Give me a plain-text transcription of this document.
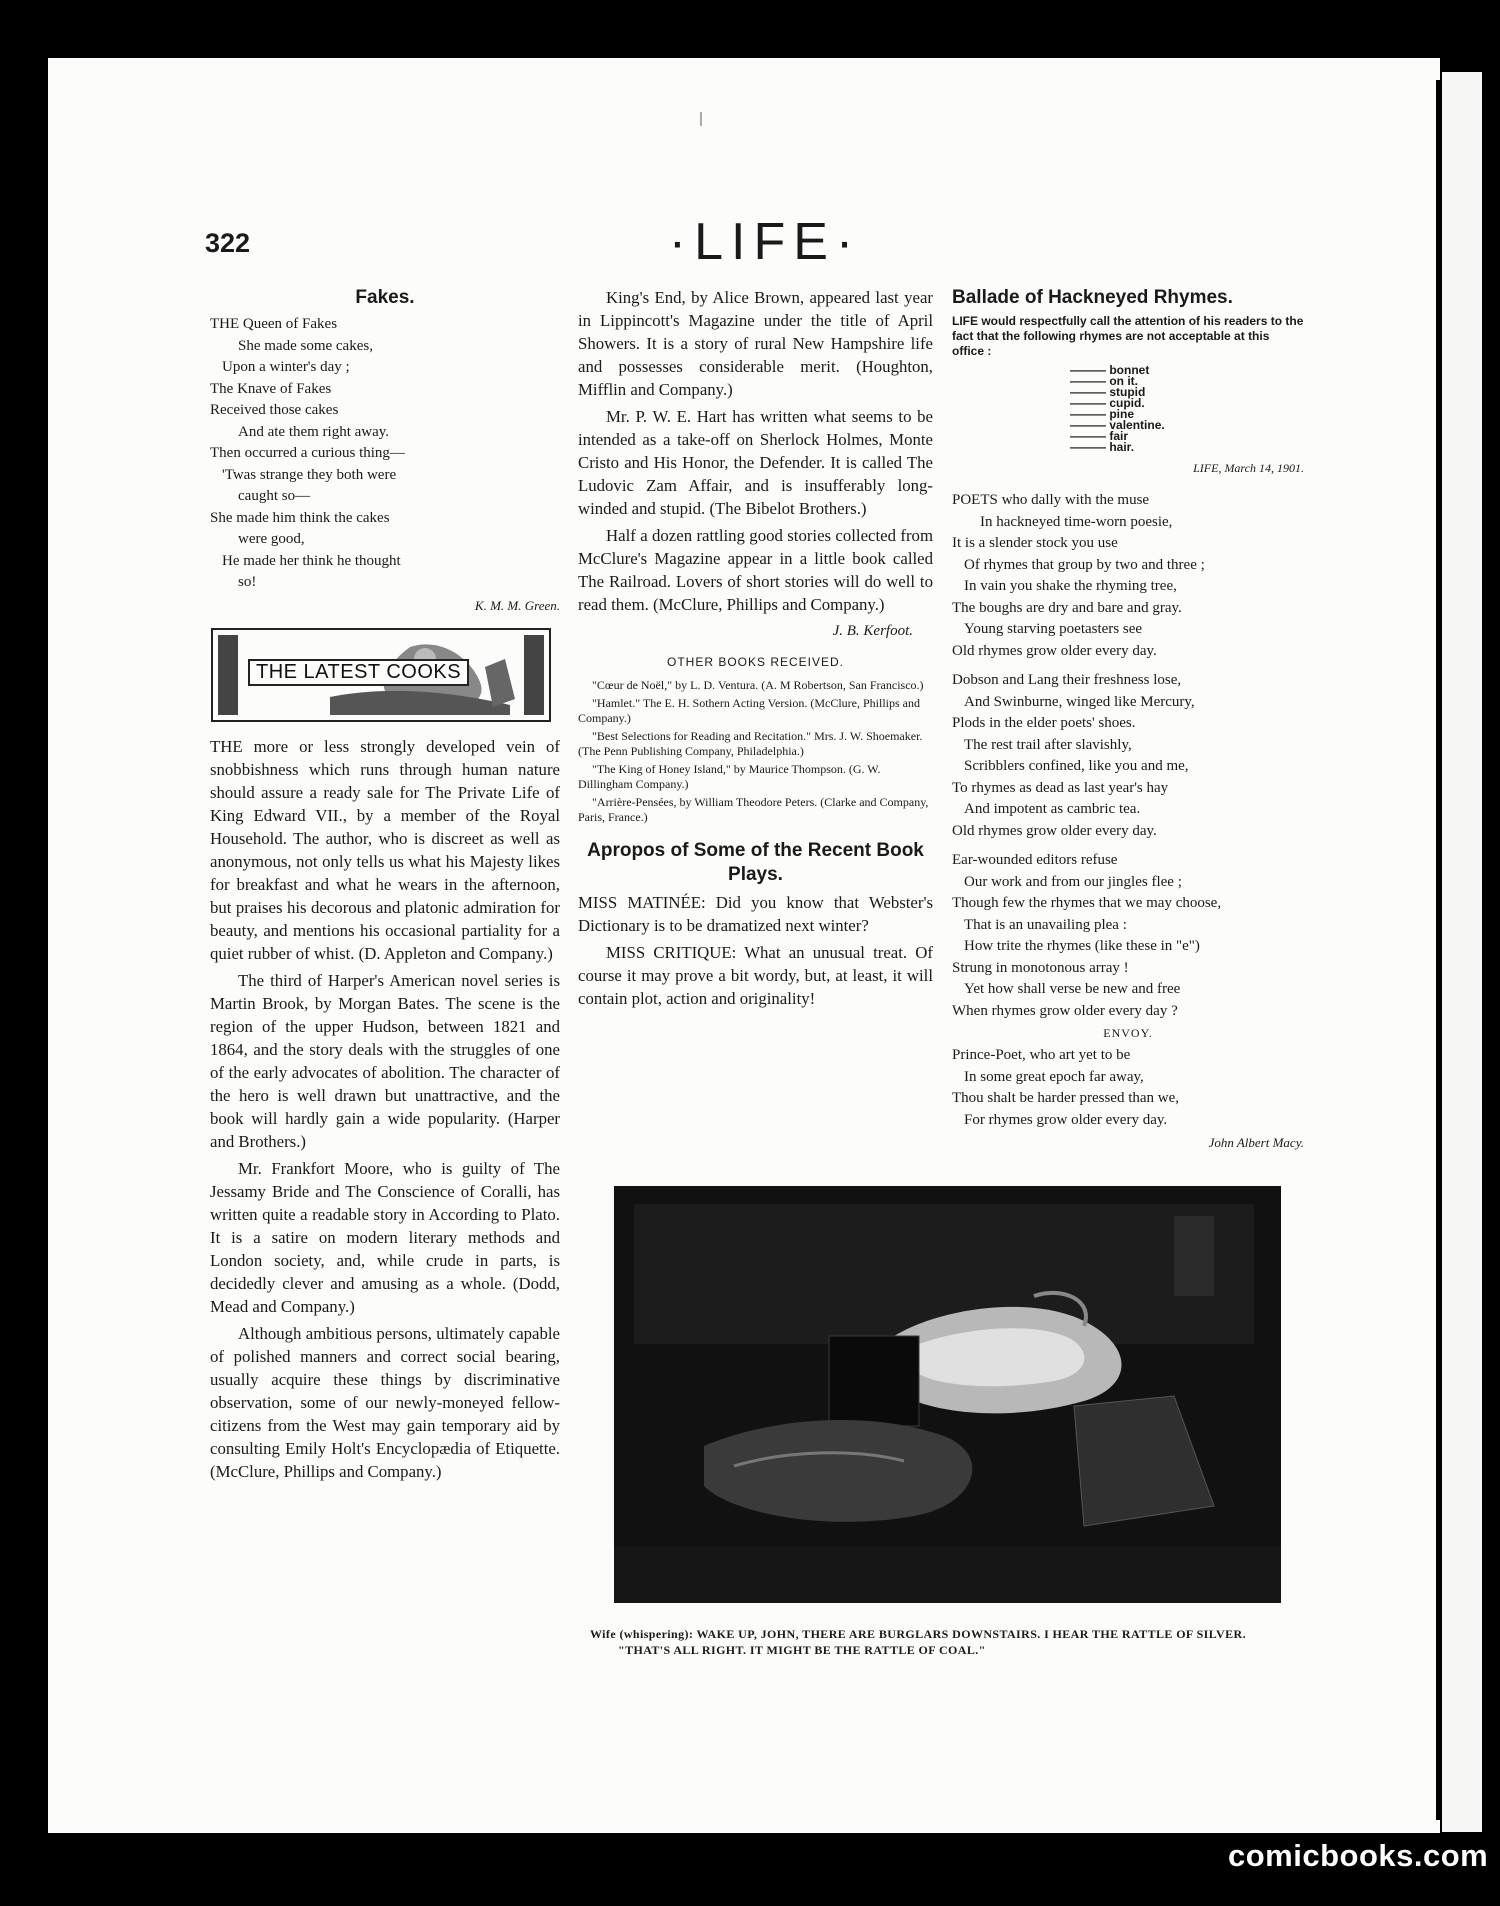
322	·LIFE·
Fakes.

THE Queen of Fakes

She made some cakes,

Upon a winter's day ;

The Knave of Fakes

Received those cakes

And ate them right away.

Then occurred a curious thing—

'Twas strange they both were

caught so—

She made him think the cakes

were good,

He made her think he thought

so!

K. M. M. Green.
THE LATEST COOKS

THE more or less strongly developed vein of snobbishness which runs through human nature should assure a ready sale for The Private Life of King Edward VII., by a member of the Royal Household. The author, who is discreet as well as anonymous, not only tells us what his Majesty likes for breakfast and what he wears in the afternoon, but praises his decorous and platonic admiration for beauty, and mentions his occasional partiality for a quiet rubber of whist. (D. Appleton and Company.)

The third of Harper's American novel series is Martin Brook, by Morgan Bates. The scene is the region of the upper Hudson, between 1821 and 1864, and the story deals with the struggles of one of the early advocates of abolition. The character of the hero is well drawn but unattractive, and the book will hardly gain a wide popularity. (Harper and Brothers.)

Mr. Frankfort Moore, who is guilty of The Jessamy Bride and The Conscience of Coralli, has written quite a readable story in According to Plato. It is a satire on modern literary methods and London society, and, while crude in parts, is decidedly clever and amusing as a whole. (Dodd, Mead and Company.)

Although ambitious persons, ultimately capable of polished manners and correct social bearing, usually acquire these things by discriminative observation, some of our newly-moneyed fellow-citizens from the West may gain temporary aid by consulting Emily Holt's Encyclopædia of Etiquette. (McClure, Phillips and Company.)

King's End, by Alice Brown, appeared last year in Lippincott's Magazine under the title of April Showers. It is a story of rural New Hampshire life and possesses considerable merit. (Houghton, Mifflin and Company.)

Mr. P. W. E. Hart has written what seems to be intended as a take-off on Sherlock Holmes, Monte Cristo and His Honor, the Defender. It is called The Ludovic Zam Affair, and is insufferably long-winded and stupid. (The Bibelot Brothers.)

Half a dozen rattling good stories collected from McClure's Magazine appear in a little book called The Railroad. Lovers of short stories will do well to read them. (McClure, Phillips and Company.)

J. B. Kerfoot.
OTHER BOOKS RECEIVED.

"Cœur de Noël," by L. D. Ventura. (A. M Robertson, San Francisco.)

"Hamlet." The E. H. Sothern Acting Version. (McClure, Phillips and Company.)

"Best Selections for Reading and Recitation." Mrs. J. W. Shoemaker. (The Penn Publishing Company, Philadelphia.)

"The King of Honey Island," by Maurice Thompson. (G. W. Dillingham Company.)

"Arrière-Pensées, by William Theodore Peters. (Clarke and Company, Paris, France.)

Apropos of Some of the Recent Book Plays.

MISS MATINÉE: Did you know that Webster's Dictionary is to be dramatized next winter?

MISS CRITIQUE: What an unusual treat. Of course it may prove a bit wordy, but, at least, it will contain plot, action and originality!

Ballade of Hackneyed Rhymes.
LIFE would respectfully call the attention of his readers to the fact that the following rhymes are not acceptable at this office :
——— bonnet
——— on it.
——— stupid
——— cupid.
——— pine
——— valentine.
——— fair
——— hair.
LIFE, March 14, 1901.

POETS who dally with the muse

In hackneyed time-worn poesie,

It is a slender stock you use

Of rhymes that group by two and three ;

In vain you shake the rhyming tree,

The boughs are dry and bare and gray.

Young starving poetasters see

Old rhymes grow older every day.

Dobson and Lang their freshness lose,

And Swinburne, winged like Mercury,

Plods in the elder poets' shoes.

The rest trail after slavishly,

Scribblers confined, like you and me,

To rhymes as dead as last year's hay

And impotent as cambric tea.

Old rhymes grow older every day.

Ear-wounded editors refuse

Our work and from our jingles flee ;

Though few the rhymes that we may choose,

That is an unavailing plea :

How trite the rhymes (like these in "e")

Strung in monotonous array !

Yet how shall verse be new and free

When rhymes grow older every day ?

ENVOY.

Prince-Poet, who art yet to be

In some great epoch far away,

Thou shalt be harder pressed than we,

For rhymes grow older every day.

John Albert Macy.

Wife (whispering): WAKE UP, JOHN, THERE ARE BURGLARS DOWNSTAIRS. I HEAR THE RATTLE OF SILVER.

"THAT'S ALL RIGHT. IT MIGHT BE THE RATTLE OF COAL."

comicbooks.com
